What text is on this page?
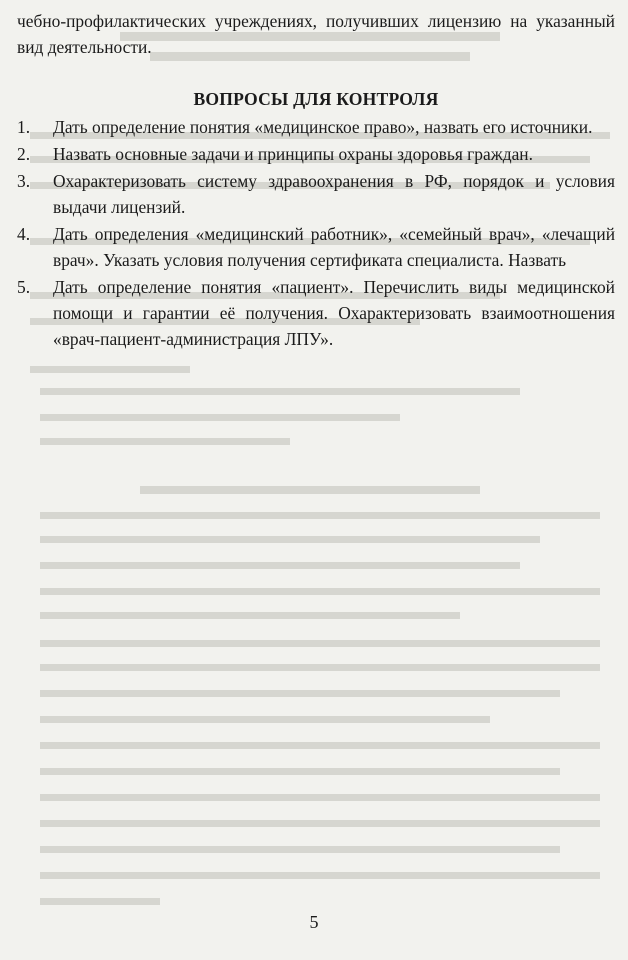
чебно-профилактических учреждениях, получивших лицензию на указанный вид деятельности.

ВОПРОСЫ ДЛЯ КОНТРОЛЯ
1. Дать определение понятия «медицинское право», назвать его источники.
2. Назвать основные задачи и принципы охраны здоровья граждан.
3. Охарактеризовать систему здравоохранения в РФ, порядок и условия выдачи лицензий.
4. Дать определения «медицинский работник», «семейный врач», «лечащий врач». Указать условия получения сертификата специалиста. Назвать
5. Дать определение понятия «пациент». Перечислить виды медицинской помощи и гарантии её получения. Охарактеризовать взаимоотношения «врач-пациент-администрация ЛПУ».
5
